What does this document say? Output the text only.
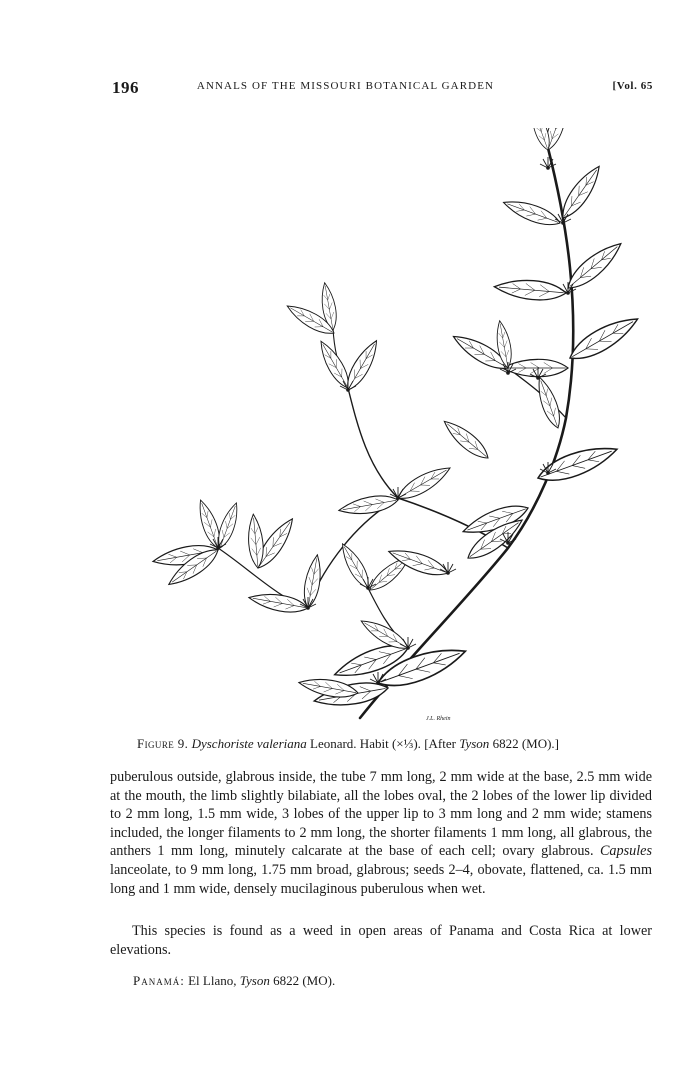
196	ANNALS OF THE MISSOURI BOTANICAL GARDEN	[Vol. 65
J.L. Rhein
Figure 9. Dyschoriste valeriana Leonard. Habit (×⅓). [After Tyson 6822 (MO).]

puberulous outside, glabrous inside, the tube 7 mm long, 2 mm wide at the base, 2.5 mm wide at the mouth, the limb slightly bilabiate, all the lobes oval, the 2 lobes of the lower lip divided to 2 mm long, 1.5 mm wide, 3 lobes of the upper lip to 3 mm long and 2 mm wide; stamens included, the longer filaments to 2 mm long, the shorter filaments 1 mm long, all glabrous, the anthers 1 mm long, minutely calcarate at the base of each cell; ovary glabrous. Capsules lanceolate, to 9 mm long, 1.75 mm broad, glabrous; seeds 2–4, obovate, flattened, ca. 1.5 mm long and 1 mm wide, densely mucilaginous puberulous when wet.

This species is found as a weed in open areas of Panama and Costa Rica at lower elevations.

Panamá: El Llano, Tyson 6822 (MO).
